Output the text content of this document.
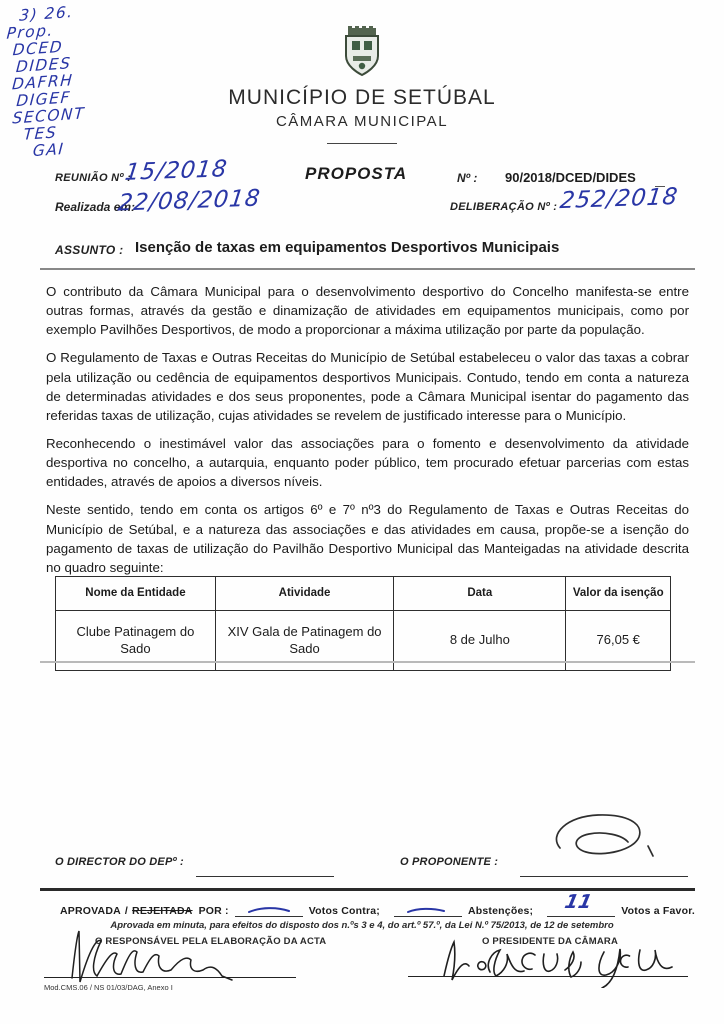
3) 26.
Prop.
DCED
DIDES
DAFRH
DIGEF
SECONT
TES
GAI
MUNICÍPIO DE SETÚBAL
CÂMARA MUNICIPAL
REUNIÃO Nº :
15/2018
Realizada em:
22/08/2018
PROPOSTA	Nº : 90/2018/DCED/DIDES
DELIBERAÇÃO Nº : 252/2018
ASSUNTO : Isenção de taxas em equipamentos Desportivos Municipais

O contributo da Câmara Municipal para o desenvolvimento desportivo do Concelho manifesta-se entre outras formas, através da gestão e dinamização de atividades em equipamentos municipais, como por exemplo Pavilhões Desportivos, de modo a proporcionar a máxima utilização por parte da população.

O Regulamento de Taxas e Outras Receitas do Município de Setúbal estabeleceu o valor das taxas a cobrar pela utilização ou cedência de equipamentos desportivos Municipais. Contudo, tendo em conta a natureza de determinadas atividades e dos seus proponentes, pode a Câmara Municipal isentar do pagamento das referidas taxas de utilização, cujas atividades se revelem de justificado interesse para o Município.

Reconhecendo o inestimável valor das associações para o fomento e desenvolvimento da atividade desportiva no concelho, a autarquia, enquanto poder público, tem procurado efetuar parcerias com estas entidades, através de apoios a diversos níveis.

Neste sentido, tendo em conta os artigos 6º e 7º nº3 do Regulamento de Taxas e Outras Receitas do Município de Setúbal, e a natureza das associações e das atividades em causa, propõe-se a isenção do pagamento de taxas de utilização do Pavilhão Desportivo Municipal das Manteigadas na atividade descrita no quadro seguinte:

Nome da Entidade	Atividade	Data	Valor da isenção
Clube Patinagem do Sado	XIV Gala de Patinagem do Sado	8 de Julho	76,05 €
O DIRECTOR DO DEPº :	O PROPONENTE :
APROVADA / REJEITADA POR :	Votos Contra;	Abstenções; 11	Votos a Favor.
Aprovada em minuta, para efeitos do disposto dos n.ºs 3 e 4, do art.º 57.º, da Lei N.º 75/2013, de 12 de setembro
O RESPONSÁVEL PELA ELABORAÇÃO DA ACTA	O PRESIDENTE DA CÂMARA
Mod.CMS.06 / NS 01/03/DAG, Anexo I
